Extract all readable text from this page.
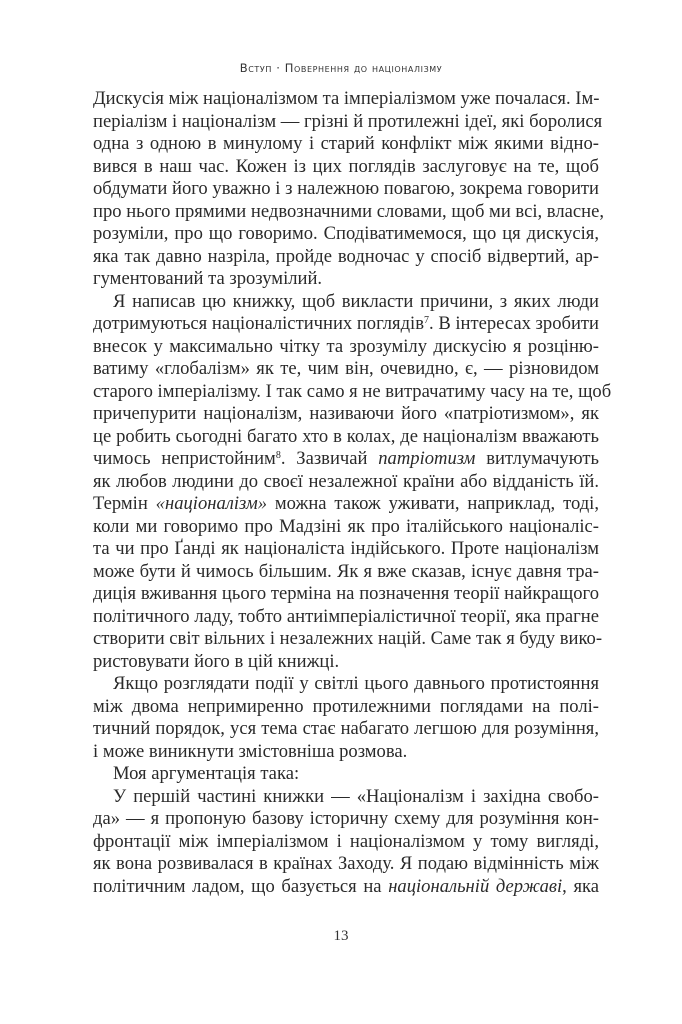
Вступ · Повернення до націоналізму
Дискусія між націоналізмом та імперіалізмом уже почалася. Ім-
періалізм і націоналізм — грізні й протилежні ідеї, які боролися
одна з одною в минулому і старий конфлікт між якими відно-
вився в наш час. Кожен із цих поглядів заслуговує на те, щоб
обдумати його уважно і з належною повагою, зокрема говорити
про нього прямими недвозначними словами, щоб ми всі, власне,
розуміли, про що говоримо. Сподіватимемося, що ця дискусія,
яка так давно назріла, пройде водночас у спосіб відвертий, ар-
гументований та зрозумілий.
Я написав цю книжку, щоб викласти причини, з яких люди
дотримуються націоналістичних поглядів$^7$. В інтересах зробити
внесок у максимально чітку та зрозумілу дискусію я розціню-
ватиму «глобалізм» як те, чим він, очевидно, є, — різновидом
старого імперіалізму. І так само я не витрачатиму часу на те, щоб
причепурити націоналізм, називаючи його «патріотизмом», як
це робить сьогодні багато хто в колах, де націоналізм вважають
чимось непристойним$^8$. Зазвичай патріотизм витлумачують
як любов людини до своєї незалежної країни або відданість їй.
Термін «націоналізм» можна також уживати, наприклад, тоді,
коли ми говоримо про Мадзіні як про італійського націоналіс-
та чи про Ґанді як націоналіста індійського. Проте націоналізм
може бути й чимось більшим. Як я вже сказав, існує давня тра-
диція вживання цього терміна на позначення теорії найкращого
політичного ладу, тобто антиімперіалістичної теорії, яка прагне
створити світ вільних і незалежних націй. Саме так я буду вико-
ристовувати його в цій книжці.
Якщо розглядати події у світлі цього давнього протистояння
між двома непримиренно протилежними поглядами на полі-
тичний порядок, уся тема стає набагато легшою для розуміння,
і може виникнути змістовніша розмова.
Моя аргументація така:
У першій частині книжки — «Націоналізм і західна свобо-
да» — я пропоную базову історичну схему для розуміння кон-
фронтації між імперіалізмом і націоналізмом у тому вигляді,
як вона розвивалася в країнах Заходу. Я подаю відмінність між
політичним ладом, що базується на національній державі, яка
13
